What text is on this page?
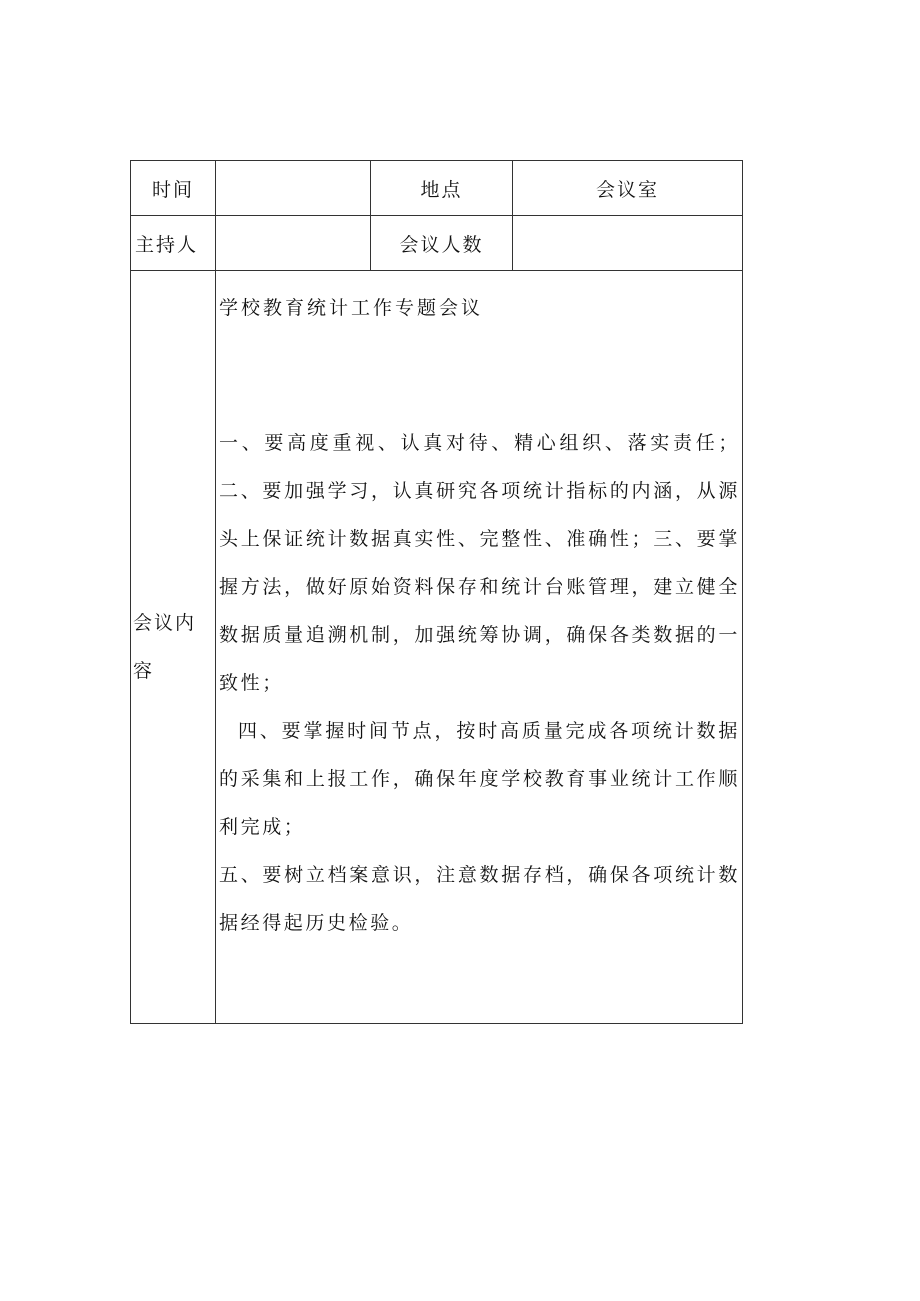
时间		地点	会议室
主持人		会议人数	
会议内容	学校教育统计工作专题会议

一、要高度重视、认真对待、精心组织、落实责任；二、要加强学习，认真研究各项统计指标的内涵，从源头上保证统计数据真实性、完整性、准确性；三、要掌握方法，做好原始资料保存和统计台账管理，建立健全数据质量追溯机制，加强统筹协调，确保各类数据的一致性；

四、要掌握时间节点，按时高质量完成各项统计数据的采集和上报工作，确保年度学校教育事业统计工作顺利完成；

五、要树立档案意识，注意数据存档，确保各项统计数据经得起历史检验。		
